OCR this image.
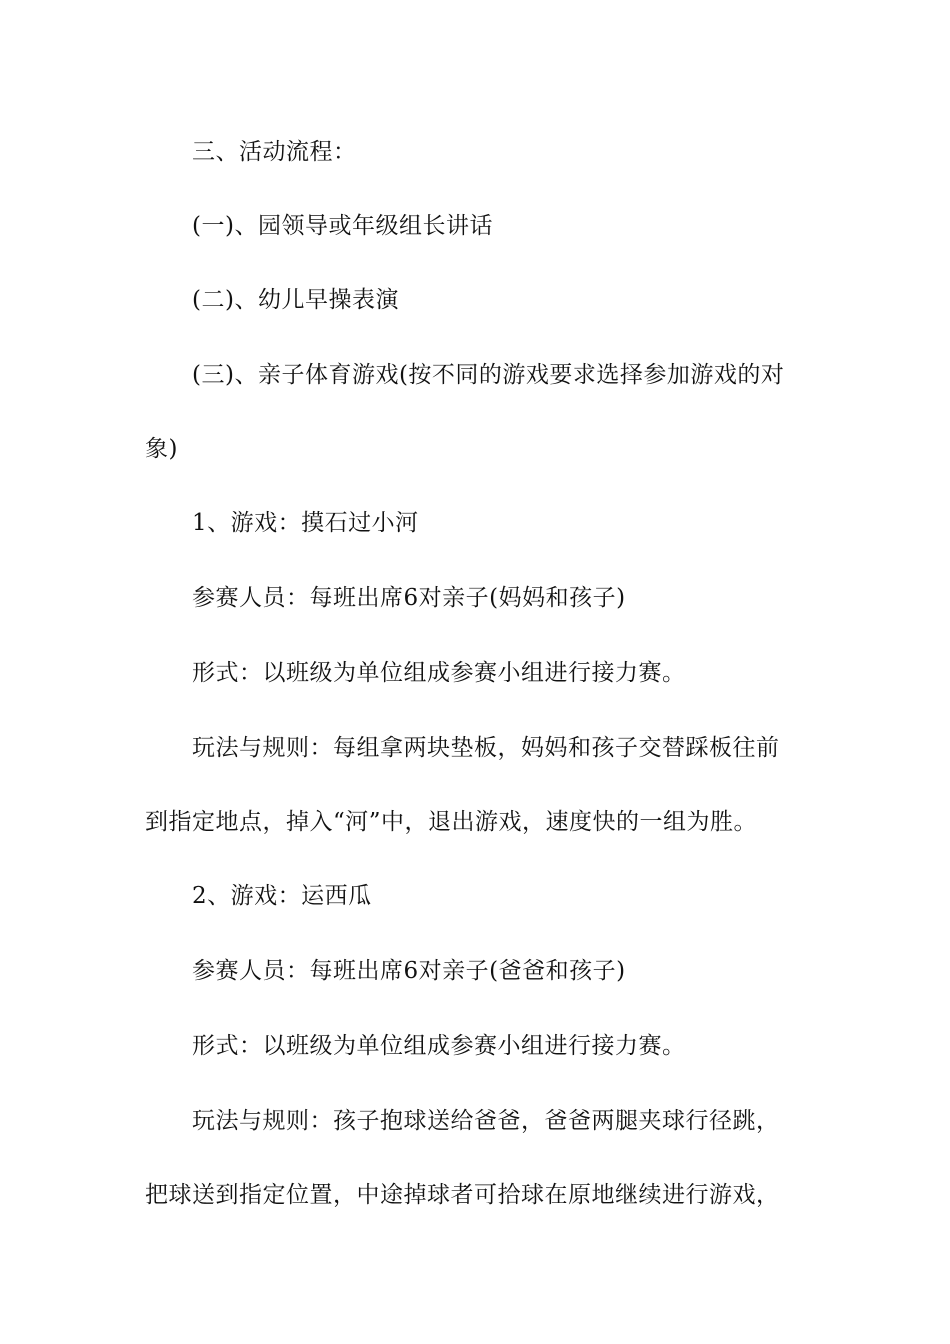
三、活动流程：
(一)、园领导或年级组长讲话
(二)、幼儿早操表演
(三)、亲子体育游戏(按不同的游戏要求选择参加游戏的对
象)
1、游戏：摸石过小河
参赛人员：每班出席6对亲子(妈妈和孩子)
形式：以班级为单位组成参赛小组进行接力赛。
玩法与规则：每组拿两块垫板，妈妈和孩子交替踩板往前
到指定地点，掉入“河”中，退出游戏，速度快的一组为胜。
2、游戏：运西瓜
参赛人员：每班出席6对亲子(爸爸和孩子)
形式：以班级为单位组成参赛小组进行接力赛。
玩法与规则：孩子抱球送给爸爸，爸爸两腿夹球行径跳，
把球送到指定位置，中途掉球者可拾球在原地继续进行游戏，
